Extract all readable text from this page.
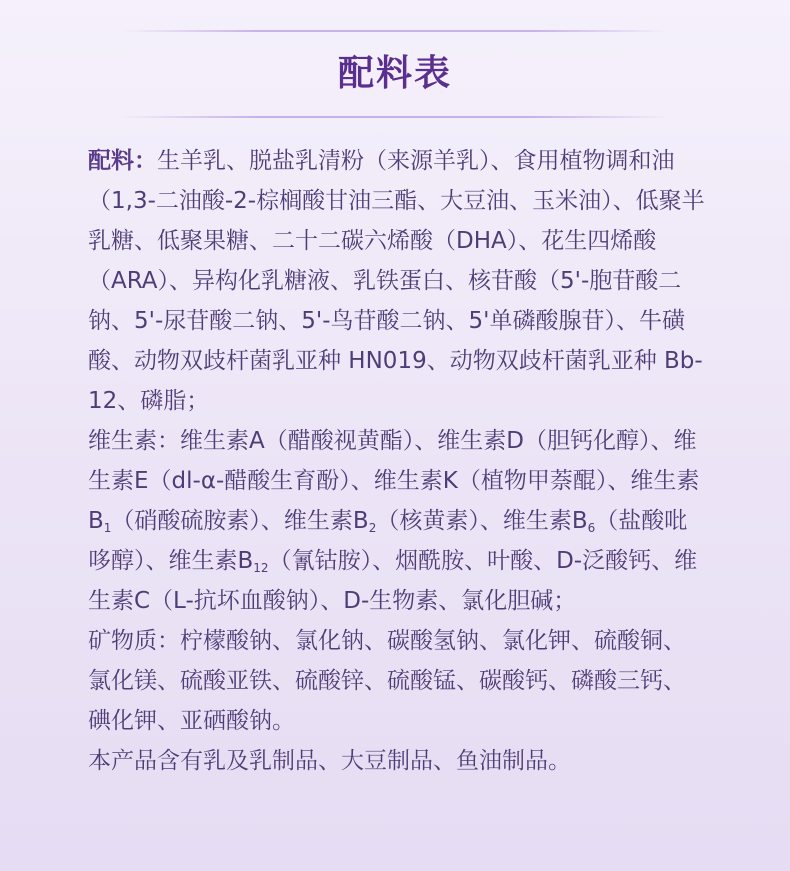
配料表

配料：生羊乳、脱盐乳清粉（来源羊乳）、食用植物调和油（1,3-二油酸-2-棕榈酸甘油三酯、大豆油、玉米油）、低聚半乳糖、低聚果糖、二十二碳六烯酸（DHA）、花生四烯酸（ARA）、异构化乳糖液、乳铁蛋白、核苷酸（5'-胞苷酸二钠、5'-尿苷酸二钠、5'-鸟苷酸二钠、5'单磷酸腺苷）、牛磺酸、动物双歧杆菌乳亚种 HN019、动物双歧杆菌乳亚种 Bb-12、磷脂；

维生素：维生素A（醋酸视黄酯）、维生素D（胆钙化醇）、维生素E（dl-α-醋酸生育酚）、维生素K（植物甲萘醌）、维生素$B_1$（硝酸硫胺素）、维生素$B_2$（核黄素）、维生素$B_6$（盐酸吡哆醇）、维生素$B_{12}$（氰钴胺）、烟酰胺、叶酸、D-泛酸钙、维生素C（L-抗坏血酸钠）、D-生物素、氯化胆碱；

矿物质：柠檬酸钠、氯化钠、碳酸氢钠、氯化钾、硫酸铜、氯化镁、硫酸亚铁、硫酸锌、硫酸锰、碳酸钙、磷酸三钙、碘化钾、亚硒酸钠。

本产品含有乳及乳制品、大豆制品、鱼油制品。
